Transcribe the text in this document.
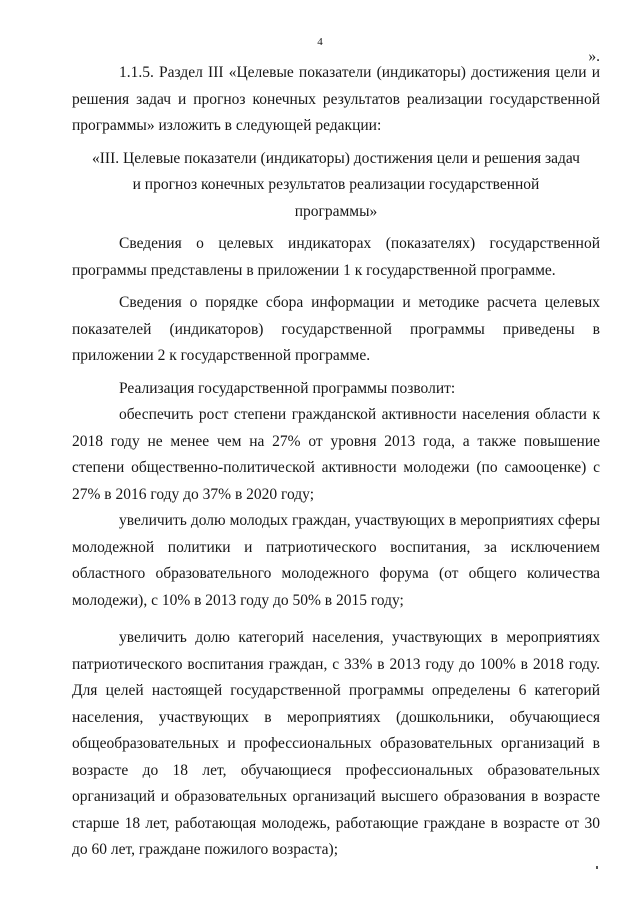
4
».

1.1.5. Раздел III «Целевые показатели (индикаторы) достижения цели и решения задач и прогноз конечных результатов реализации государственной программы» изложить в следующей редакции:

«III. Целевые показатели (индикаторы) достижения цели и решения задач и прогноз конечных результатов реализации государственной программы»

Сведения о целевых индикаторах (показателях) государственной программы представлены в приложении 1 к государственной программе.

Сведения о порядке сбора информации и методике расчета целевых показателей (индикаторов) государственной программы приведены в приложении 2 к государственной программе.

Реализация государственной программы позволит:

обеспечить рост степени гражданской активности населения области к 2018 году не менее чем на 27% от уровня 2013 года, а также повышение степени общественно-политической активности молодежи (по самооценке) с 27% в 2016 году до 37% в 2020 году;

увеличить долю молодых граждан, участвующих в мероприятиях сферы молодежной политики и патриотического воспитания, за исключением областного образовательного молодежного форума (от общего количества молодежи), с 10% в 2013 году до 50% в 2015 году;

увеличить долю категорий населения, участвующих в мероприятиях патриотического воспитания граждан, с 33% в 2013 году до 100% в 2018 году. Для целей настоящей государственной программы определены 6 категорий населения, участвующих в мероприятиях (дошкольники, обучающиеся общеобразовательных и профессиональных образовательных организаций в возрасте до 18 лет, обучающиеся профессиональных образовательных организаций и образовательных организаций высшего образования в возрасте старше 18 лет, работающая молодежь, работающие граждане в возрасте от 30 до 60 лет, граждане пожилого возраста);
